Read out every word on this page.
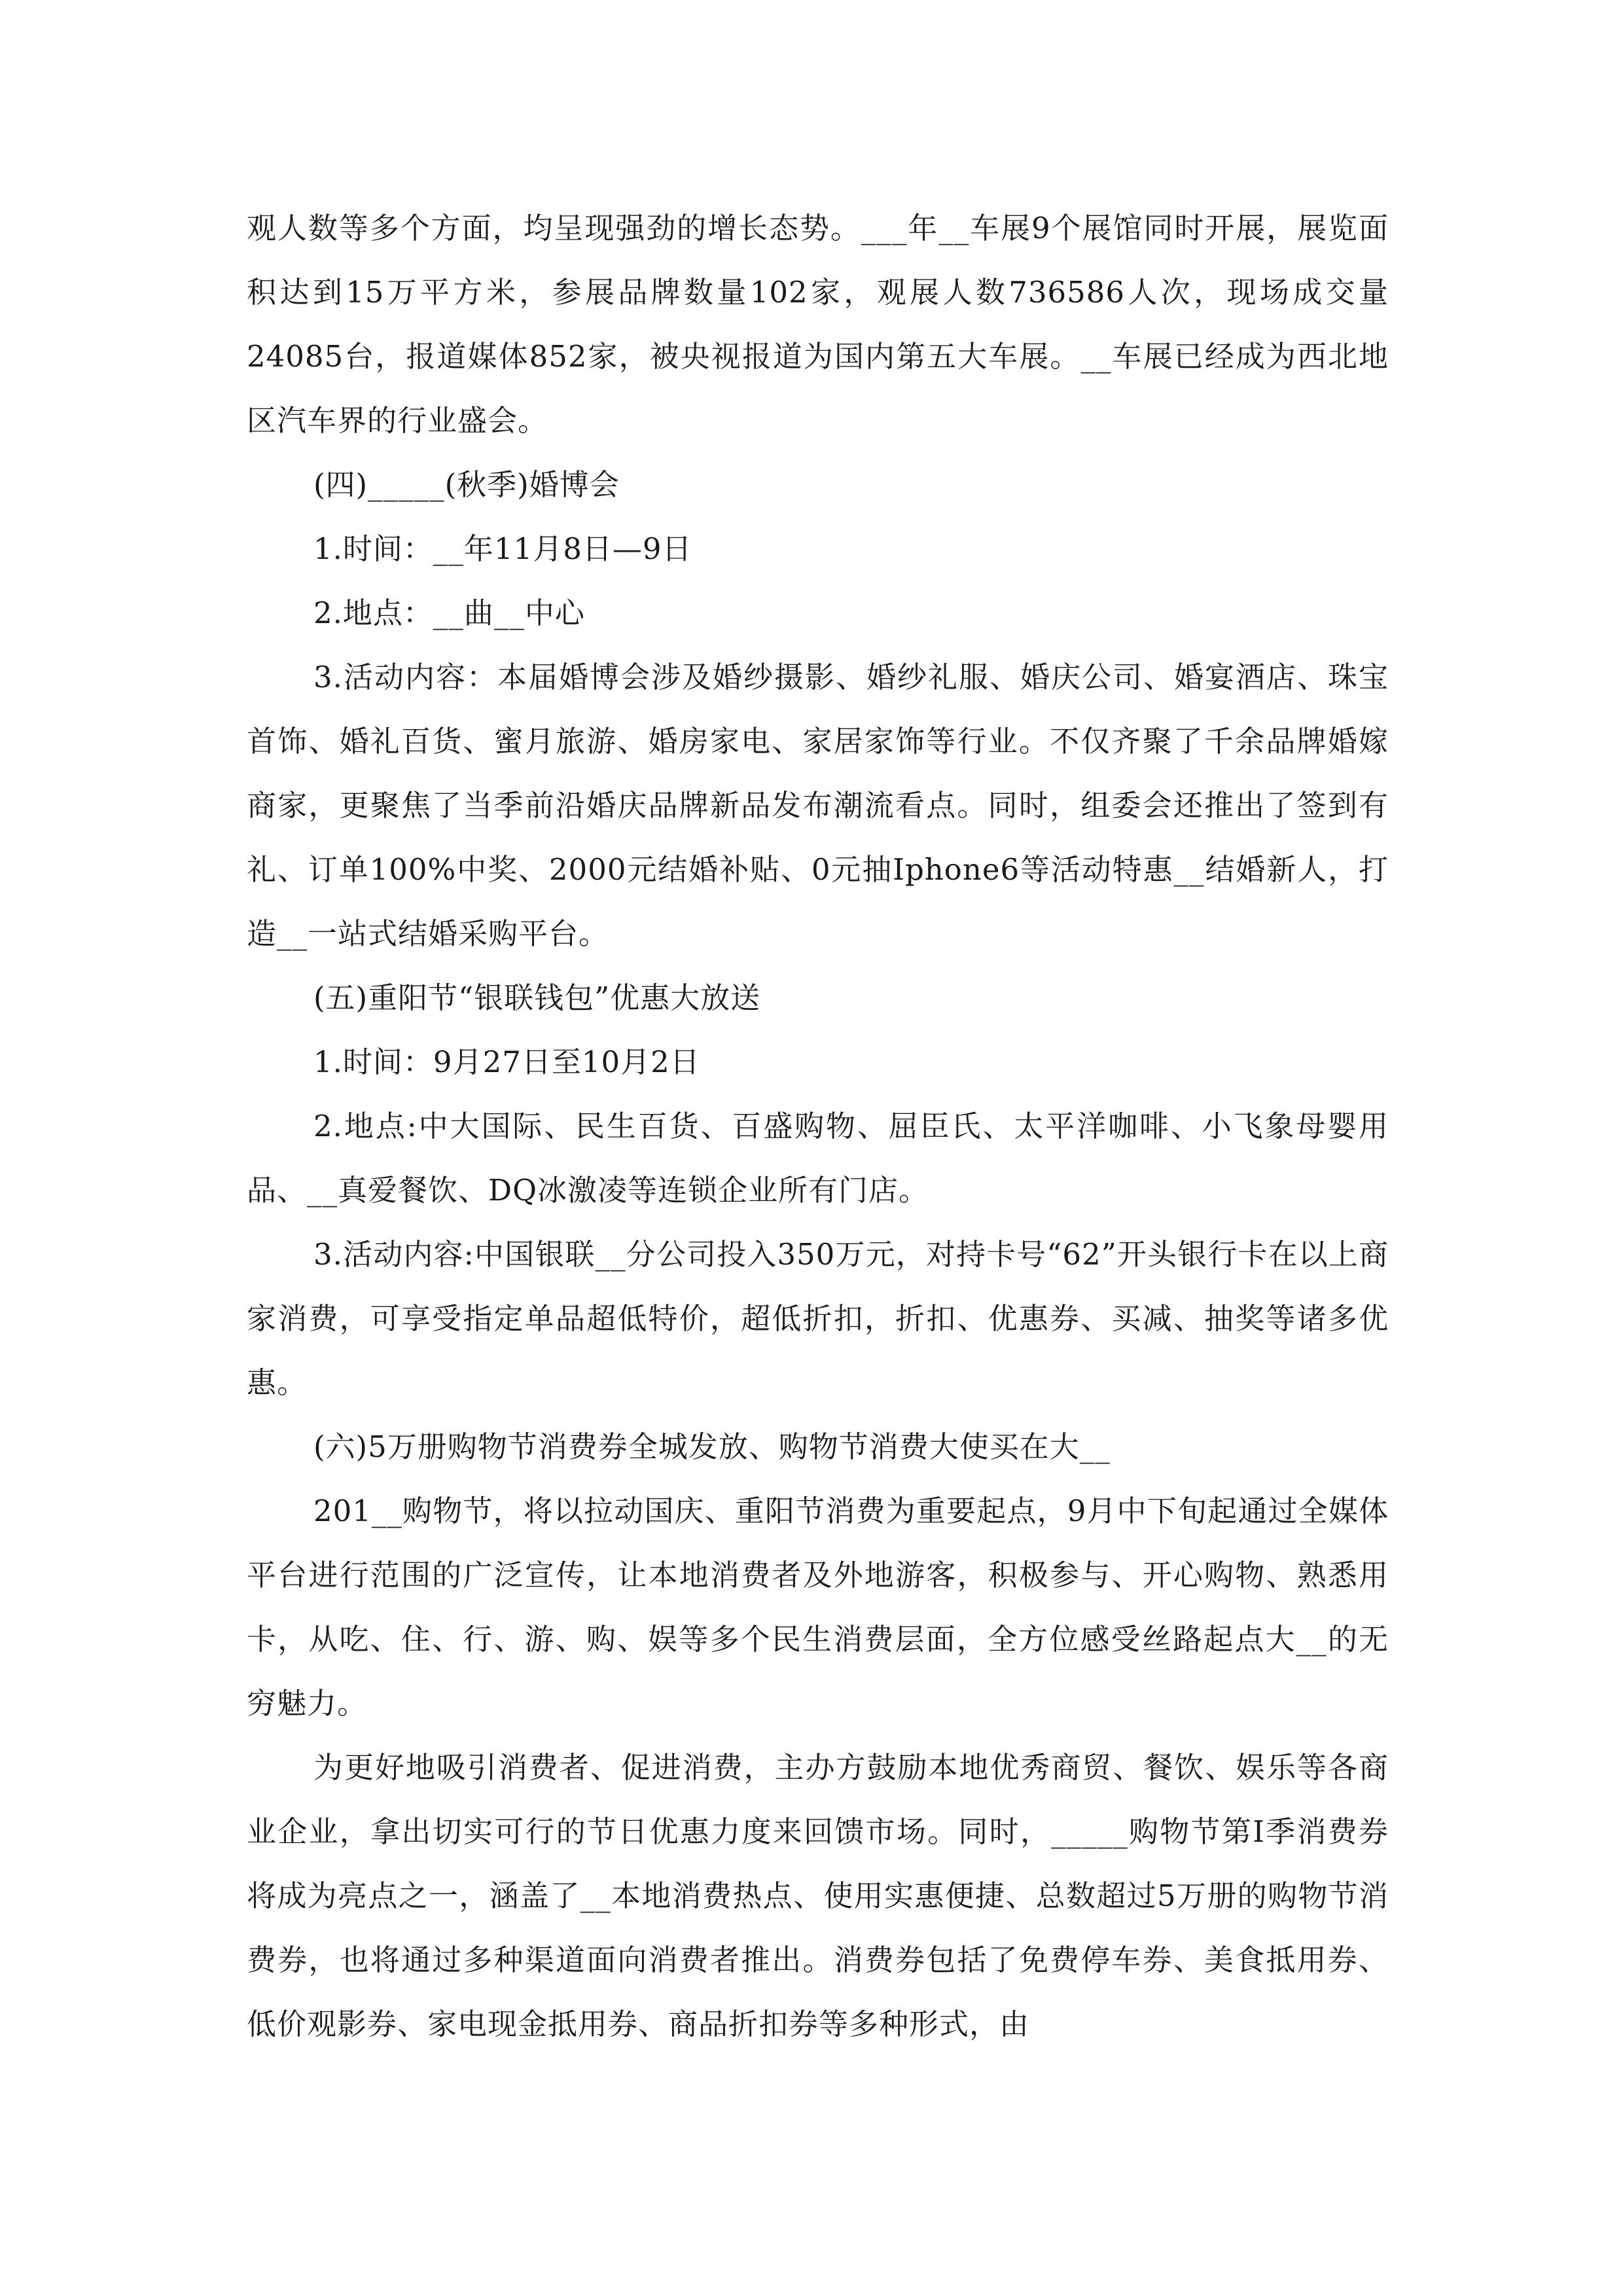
观人数等多个方面，均呈现强劲的增长态势。___年__车展9个展馆同时开展，展览面积达到15万平方米，参展品牌数量102家，观展人数736586人次，现场成交量24085台，报道媒体852家，被央视报道为国内第五大车展。__车展已经成为西北地区汽车界的行业盛会。

(四)_____(秋季)婚博会

1.时间：__年11月8日—9日

2.地点：__曲__中心

3.活动内容：本届婚博会涉及婚纱摄影、婚纱礼服、婚庆公司、婚宴酒店、珠宝首饰、婚礼百货、蜜月旅游、婚房家电、家居家饰等行业。不仅齐聚了千余品牌婚嫁商家，更聚焦了当季前沿婚庆品牌新品发布潮流看点。同时，组委会还推出了签到有礼、订单100%中奖、2000元结婚补贴、0元抽Iphone6等活动特惠__结婚新人，打造__一站式结婚采购平台。

(五)重阳节“银联钱包”优惠大放送

1.时间：9月27日至10月2日

2.地点:中大国际、民生百货、百盛购物、屈臣氏、太平洋咖啡、小飞象母婴用品、__真爱餐饮、DQ冰激凌等连锁企业所有门店。

3.活动内容:中国银联__分公司投入350万元，对持卡号“62”开头银行卡在以上商家消费，可享受指定单品超低特价，超低折扣，折扣、优惠券、买减、抽奖等诸多优惠。

(六)5万册购物节消费券全城发放、购物节消费大使买在大__

201__购物节，将以拉动国庆、重阳节消费为重要起点，9月中下旬起通过全媒体平台进行范围的广泛宣传，让本地消费者及外地游客，积极参与、开心购物、熟悉用卡，从吃、住、行、游、购、娱等多个民生消费层面，全方位感受丝路起点大__的无穷魅力。

为更好地吸引消费者、促进消费，主办方鼓励本地优秀商贸、餐饮、娱乐等各商业企业，拿出切实可行的节日优惠力度来回馈市场。同时，_____购物节第I季消费券将成为亮点之一，涵盖了__本地消费热点、使用实惠便捷、总数超过5万册的购物节消费券，也将通过多种渠道面向消费者推出。消费券包括了免费停车券、美食抵用券、低价观影券、家电现金抵用券、商品折扣券等多种形式，由
